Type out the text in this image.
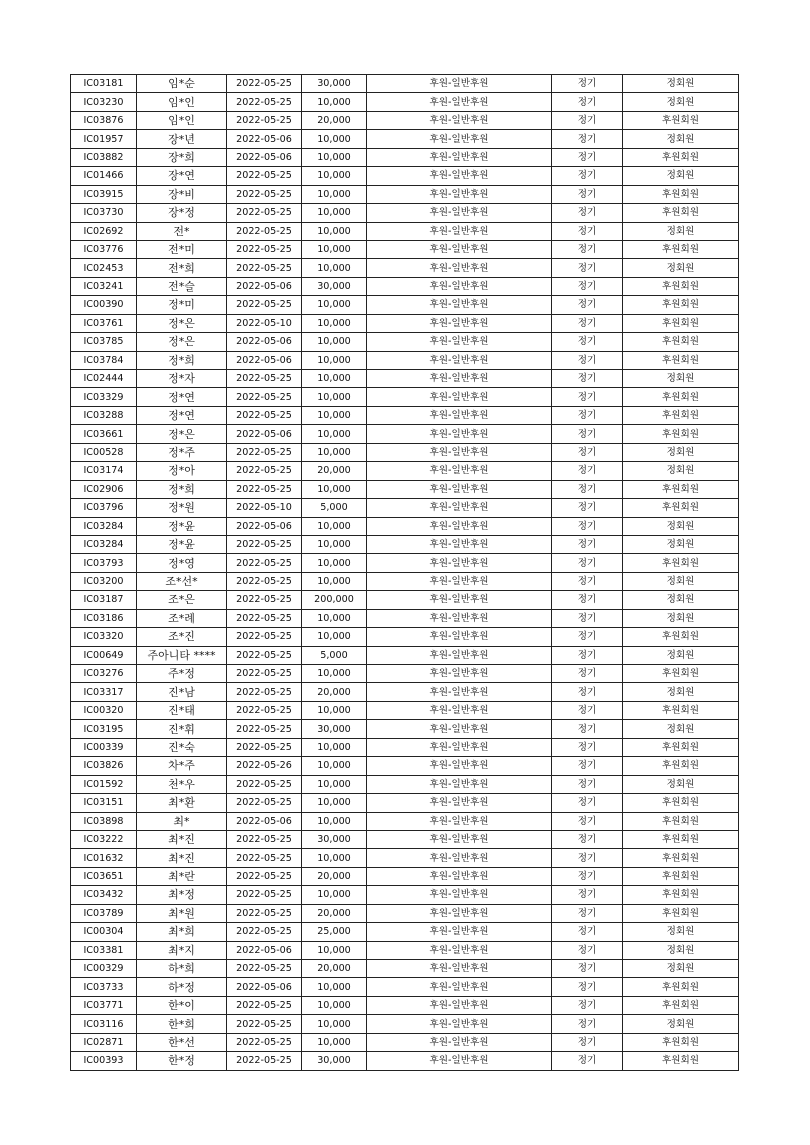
IC03181	임*순	2022-05-25	30,000	후원-일반후원	정기	정회원
IC03230	임*인	2022-05-25	10,000	후원-일반후원	정기	정회원
IC03876	임*인	2022-05-25	20,000	후원-일반후원	정기	후원회원
IC01957	장*년	2022-05-06	10,000	후원-일반후원	정기	정회원
IC03882	장*희	2022-05-06	10,000	후원-일반후원	정기	후원회원
IC01466	장*연	2022-05-25	10,000	후원-일반후원	정기	정회원
IC03915	장*비	2022-05-25	10,000	후원-일반후원	정기	후원회원
IC03730	장*정	2022-05-25	10,000	후원-일반후원	정기	후원회원
IC02692	전*	2022-05-25	10,000	후원-일반후원	정기	정회원
IC03776	전*미	2022-05-25	10,000	후원-일반후원	정기	후원회원
IC02453	전*희	2022-05-25	10,000	후원-일반후원	정기	정회원
IC03241	전*슬	2022-05-06	30,000	후원-일반후원	정기	후원회원
IC00390	정*미	2022-05-25	10,000	후원-일반후원	정기	후원회원
IC03761	정*은	2022-05-10	10,000	후원-일반후원	정기	후원회원
IC03785	정*은	2022-05-06	10,000	후원-일반후원	정기	후원회원
IC03784	정*희	2022-05-06	10,000	후원-일반후원	정기	후원회원
IC02444	정*자	2022-05-25	10,000	후원-일반후원	정기	정회원
IC03329	정*연	2022-05-25	10,000	후원-일반후원	정기	후원회원
IC03288	정*연	2022-05-25	10,000	후원-일반후원	정기	후원회원
IC03661	정*은	2022-05-06	10,000	후원-일반후원	정기	후원회원
IC00528	정*주	2022-05-25	10,000	후원-일반후원	정기	정회원
IC03174	정*아	2022-05-25	20,000	후원-일반후원	정기	정회원
IC02906	정*희	2022-05-25	10,000	후원-일반후원	정기	후원회원
IC03796	정*원	2022-05-10	5,000	후원-일반후원	정기	후원회원
IC03284	정*윤	2022-05-06	10,000	후원-일반후원	정기	정회원
IC03284	정*윤	2022-05-25	10,000	후원-일반후원	정기	정회원
IC03793	정*영	2022-05-25	10,000	후원-일반후원	정기	후원회원
IC03200	조*선*	2022-05-25	10,000	후원-일반후원	정기	정회원
IC03187	조*은	2022-05-25	200,000	후원-일반후원	정기	정회원
IC03186	조*례	2022-05-25	10,000	후원-일반후원	정기	정회원
IC03320	조*진	2022-05-25	10,000	후원-일반후원	정기	후원회원
IC00649	주아니타 ****	2022-05-25	5,000	후원-일반후원	정기	정회원
IC03276	주*정	2022-05-25	10,000	후원-일반후원	정기	후원회원
IC03317	진*남	2022-05-25	20,000	후원-일반후원	정기	정회원
IC00320	진*태	2022-05-25	10,000	후원-일반후원	정기	후원회원
IC03195	진*휘	2022-05-25	30,000	후원-일반후원	정기	정회원
IC00339	진*숙	2022-05-25	10,000	후원-일반후원	정기	후원회원
IC03826	차*주	2022-05-26	10,000	후원-일반후원	정기	후원회원
IC01592	천*우	2022-05-25	10,000	후원-일반후원	정기	정회원
IC03151	최*환	2022-05-25	10,000	후원-일반후원	정기	후원회원
IC03898	최*	2022-05-06	10,000	후원-일반후원	정기	후원회원
IC03222	최*진	2022-05-25	30,000	후원-일반후원	정기	후원회원
IC01632	최*진	2022-05-25	10,000	후원-일반후원	정기	후원회원
IC03651	최*란	2022-05-25	20,000	후원-일반후원	정기	후원회원
IC03432	최*정	2022-05-25	10,000	후원-일반후원	정기	후원회원
IC03789	최*원	2022-05-25	20,000	후원-일반후원	정기	후원회원
IC00304	최*희	2022-05-25	25,000	후원-일반후원	정기	정회원
IC03381	최*지	2022-05-06	10,000	후원-일반후원	정기	정회원
IC00329	하*희	2022-05-25	20,000	후원-일반후원	정기	정회원
IC03733	하*정	2022-05-06	10,000	후원-일반후원	정기	후원회원
IC03771	한*이	2022-05-25	10,000	후원-일반후원	정기	후원회원
IC03116	한*희	2022-05-25	10,000	후원-일반후원	정기	정회원
IC02871	한*선	2022-05-25	10,000	후원-일반후원	정기	후원회원
IC00393	한*정	2022-05-25	30,000	후원-일반후원	정기	후원회원
